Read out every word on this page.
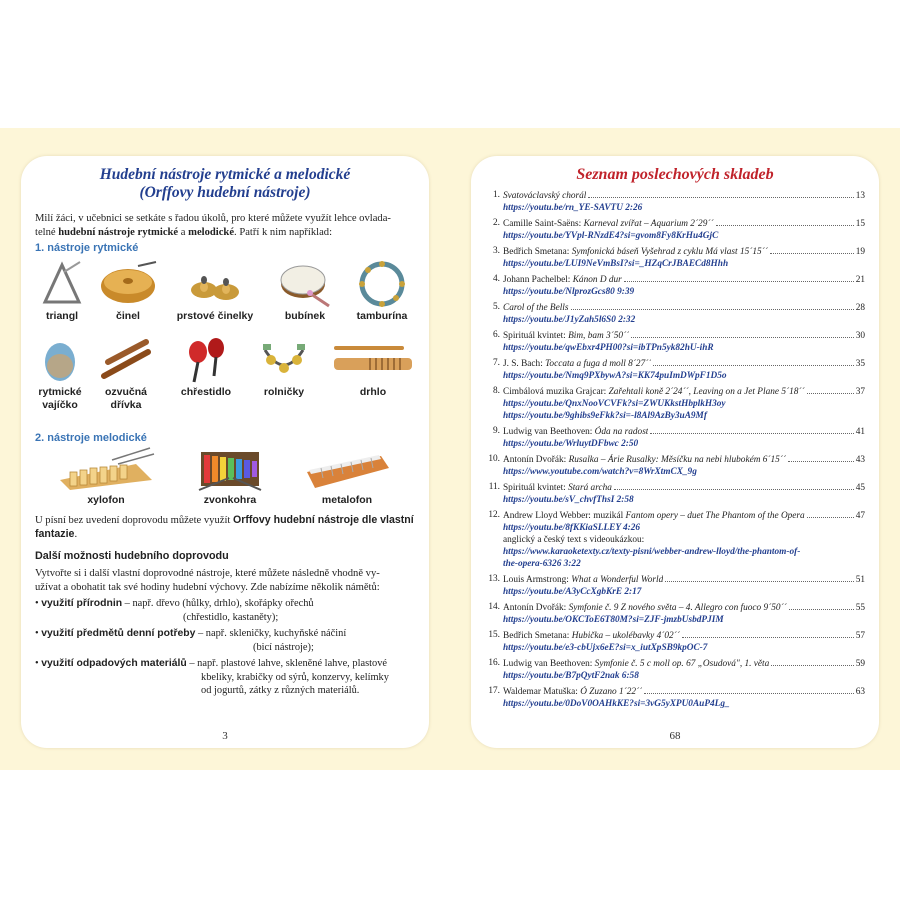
Hudební nástroje rytmické a melodické
(Orffovy hudební nástroje)
Milí žáci, v učebnici se setkáte s řadou úkolů, pro které můžete využít lehce ovlada-
telné hudební nástroje rytmické a melodické. Patří k nim například:
1. nástroje rytmické
triangl	činel	prstové činelky	bubínek	tamburína
rytmické vajíčko
ozvučná dřívka
chřestidlo	rolničky	drhlo
2. nástroje melodické
xylofon	zvonkohra	metalofon
U písní bez uvedení doprovodu můžete využít Orffovy hudební nástroje dle vlastní fantazie.
Další možnosti hudebního doprovodu
Vytvořte si i další vlastní doprovodné nástroje, které můžete následně vhodně vy-
užívat a obohatit tak své hodiny hudební výchovy. Zde nabízíme několik námětů:
• využití přírodnin – např. dřevo (hůlky, drhlo), skořápky ořechů
(chřestidlo, kastaněty);
• využití předmětů denní potřeby – např. skleničky, kuchyňské náčiní
(bicí nástroje);
• využití odpadových materiálů – např. plastové lahve, skleněné lahve, plastové
kbelíky, krabičky od sýrů, konzervy, kelímky
od jogurtů, zátky z různých materiálů.
3
Seznam poslechových skladeb
1. Svatováclavský chorál	13
https://youtu.be/rn_YE-SAVTU 2:26
2. Camille Saint-Saëns: Karneval zvířat – Aquarium 2´29´´	15
https://youtu.be/YVpl-RNzdE4?si=gvom8Fy8KrHu4GjC
3. Bedřich Smetana: Symfonická báseň Vyšehrad z cyklu Má vlast 15´15´´	19
https://youtu.be/LUI9NeVmBsI?si=_HZqCrJBAECd8Hhh
4. Johann Pachelbel: Kánon D dur	21
https://youtu.be/NlprozGcs80 9:39
5. Carol of the Bells	28
https://youtu.be/J1yZah5l6S0 2:32
6. Spirituál kvintet: Bim, bam 3´50´´	30
https://youtu.be/qwEbxr4PH00?si=ibTPn5yk82hU-ihR
7. J. S. Bach: Toccata a fuga d moll 8´27´´	35
https://youtu.be/Nmq9PXbywA?si=KK74puImDWpF1D5o
8. Cimbálová muzika Grajcar: Zařehtali koně 2´24´´, Leaving on a Jet Plane 5´18´´	37
https://youtu.be/QnxNooVCVFk?si=ZWUKkstHbplkH3oy
https://youtu.be/9ghibs9eFkk?si=-l8Al9AzBy3uA9Mf
9. Ludwig van Beethoven: Óda na radost	41
https://youtu.be/WrluytDFbwc 2:50
10. Antonín Dvořák: Rusalka – Árie Rusalky: Měsíčku na nebi hlubokém 6´15´´	43
https://www.youtube.com/watch?v=8WrXtmCX_9g
11. Spirituál kvintet: Stará archa	45
https://youtu.be/sV_chvfThsI 2:58
12. Andrew Lloyd Webber: muzikál Fantom opery – duet The Phantom of the Opera	47
https://youtu.be/8fKKiaSLLEY 4:26
anglický a český text s videoukázkou:
https://www.karaoketexty.cz/texty-pisni/webber-andrew-lloyd/the-phantom-of-
the-opera-6326 3:22
13. Louis Armstrong: What a Wonderful World	51
https://youtu.be/A3yCcXgbKrE 2:17
14. Antonín Dvořák: Symfonie č. 9 Z nového světa – 4. Allegro con fuoco 9´50´´	55
https://youtu.be/OKCToE6T80M?si=ZJF-jmzbUsbdPJIM
15. Bedřich Smetana: Hubička – ukolébavky 4´02´´	57
https://youtu.be/e3-cbUjx6eE?si=x_iutXpSB9kpOC-7
16. Ludwig van Beethoven: Symfonie č. 5 c moll op. 67 „Osudová", 1. věta	59
https://youtu.be/B7pQytF2nak 6:58
17. Waldemar Matuška: Ó Zuzano 1´22´´	63
https://youtu.be/0DoV0OAHkKE?si=3vG5yXPU0AuP4Lg_
68
